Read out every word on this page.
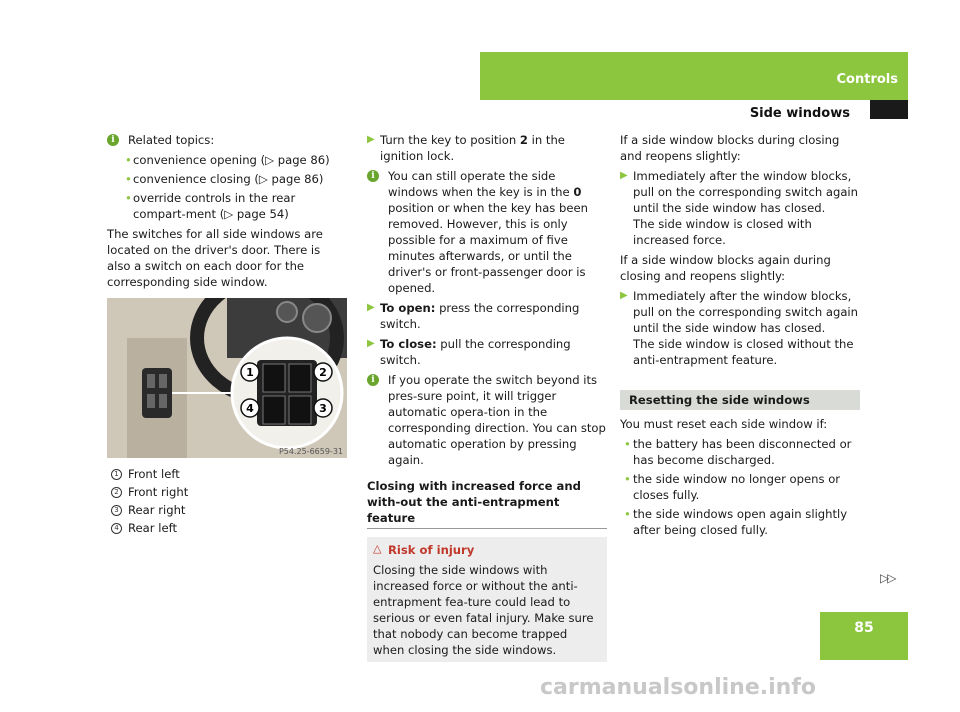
Controls
Side windows
i	Related topics:
• convenience opening (▷ page 86)
• convenience closing (▷ page 86)
• override controls in the rear compart-ment (▷ page 54)

The switches for all side windows are located on the driver's door. There is also a switch on each door for the corresponding side window.

1	2
3
4
P54.25-6659-31
1 Front left
2 Front right
3 Rear right
4 Rear left
▶ Turn the key to position 2 in the ignition lock.
i	You can still operate the side windows when the key is in the 0 position or when the key has been removed. However, this is only possible for a maximum of five minutes afterwards, or until the driver's or front-passenger door is opened.
▶ To open: press the corresponding switch.
▶ To close: pull the corresponding switch.
i	If you operate the switch beyond its pres-sure point, it will trigger automatic opera-tion in the corresponding direction. You can stop automatic operation by pressing again.
Closing with increased force and with-out the anti-entrapment feature
△ Risk of injury
Closing the side windows with increased force or without the anti-entrapment fea-ture could lead to serious or even fatal injury. Make sure that nobody can become trapped when closing the side windows.

If a side window blocks during closing and reopens slightly:

▶ Immediately after the window blocks, pull on the corresponding switch again until the side window has closed.
The side window is closed with increased force.

If a side window blocks again during closing and reopens slightly:

▶ Immediately after the window blocks, pull on the corresponding switch again until the side window has closed.
The side window is closed without the anti-entrapment feature.
Resetting the side windows

You must reset each side window if:

• the battery has been disconnected or has become discharged.
• the side window no longer opens or closes fully.
• the side windows open again slightly after being closed fully.
▷▷
85
carmanualsonline.info
